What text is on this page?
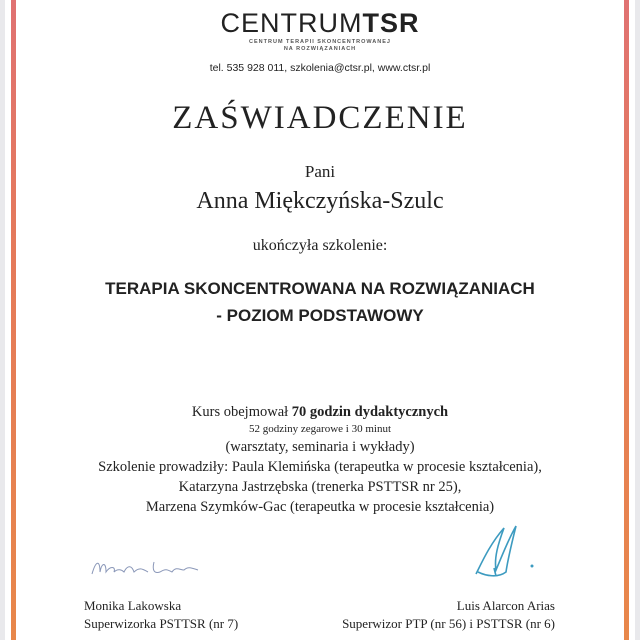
CENTRUMTSR
CENTRUM TERAPII SKONCENTROWANEJ
NA ROZWIĄZANIACH
tel. 535 928 011, szkolenia@ctsr.pl, www.ctsr.pl
ZAŚWIADCZENIE
Pani
Anna Miękczyńska-Szulc
ukończyła szkolenie:
TERAPIA SKONCENTROWANA NA ROZWIĄZANIACH
- POZIOM PODSTAWOWY
Kurs obejmował 70 godzin dydaktycznych
52 godziny zegarowe i 30 minut
(warsztaty, seminaria i wykłady)
Szkolenie prowadziły: Paula Klemińska (terapeutka w procesie kształcenia),
Katarzyna Jastrzębska (trenerka PSTTSR nr 25),
Marzena Szymków-Gac (terapeutka w procesie kształcenia)
Monika Lakowska
Superwizorka PSTTSR (nr 7)
Luis Alarcon Arias
Superwizor PTP (nr 56) i PSTTSR (nr 6)
